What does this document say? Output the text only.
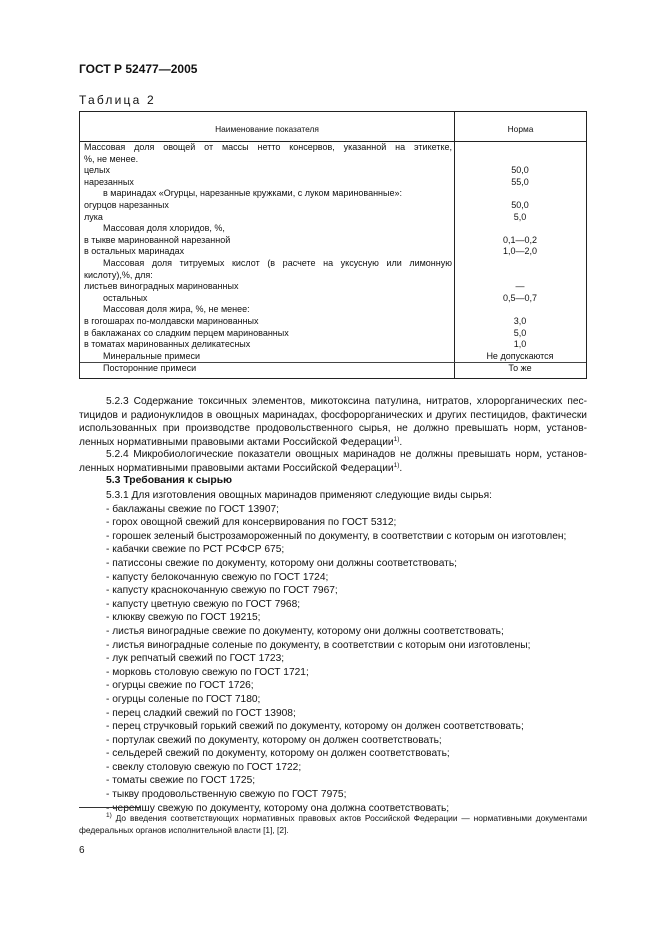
ГОСТ Р 52477—2005
Таблица 2
Наименование показателя	Норма
Массовая доля овощей от массы нетто консервов, указанной на этикетке,
%, не менее.
целых	50,0
нарезанных	55,0
в маринадах «Огурцы, нарезанные кружками, с луком маринованные»:
огурцов нарезанных	50,0
лука	5,0
Массовая доля хлоридов, %,
в тыкве маринованной нарезанной	0,1—0,2
в остальных маринадах	1,0—2,0
Массовая доля титруемых кислот (в расчете на уксусную или лимонную
кислоту),%, для:
листьев виноградных маринованных	—
остальных	0,5—0,7
Массовая доля жира, %, не менее:
в гогошарах по-молдавски маринованных	3,0
в баклажанах со сладким перцем маринованных	5,0
в томатах маринованных деликатесных	1,0
Минеральные примеси	Не допускаются
Посторонние примеси	То же

5.2.3 Содержание токсичных элементов, микотоксина патулина, нитратов, хлорорганических пес-

тицидов и радионуклидов в овощных маринадах, фосфорорганических и других пестицидов, фактически

использованных при производстве продовольственного сырья, не должно превышать норм, установ-

ленных нормативными правовыми актами Российской Федерации$^{1)}$.

5.2.4 Микробиологические показатели овощных маринадов не должны превышать норм, установ-

ленных нормативными правовыми актами Российской Федерации$^{1)}$.

5.3 Требования к сырью
5.3.1 Для изготовления овощных маринадов применяют следующие виды сырья:
- баклажаны свежие по ГОСТ 13907;
- горох овощной свежий для консервирования по ГОСТ 5312;
- горошек зеленый быстрозамороженный по документу, в соответствии с которым он изготовлен;
- кабачки свежие по РСТ РСФСР 675;
- патиссоны свежие по документу, которому они должны соответствовать;
- капусту белокочанную свежую по ГОСТ 1724;
- капусту краснокочанную свежую по ГОСТ 7967;
- капусту цветную свежую по ГОСТ 7968;
- клюкву свежую по ГОСТ 19215;
- листья виноградные свежие по документу, которому они должны соответствовать;
- листья виноградные соленые по документу, в соответствии с которым они изготовлены;
- лук репчатый свежий по ГОСТ 1723;
- морковь столовую свежую по ГОСТ 1721;
- огурцы свежие по ГОСТ 1726;
- огурцы соленые по ГОСТ 7180;
- перец сладкий свежий по ГОСТ 13908;
- перец стручковый горький свежий по документу, которому он должен соответствовать;
- портулак свежий по документу, которому он должен соответствовать;
- сельдерей свежий по документу, которому он должен соответствовать;
- свеклу столовую свежую по ГОСТ 1722;
- томаты свежие по ГОСТ 1725;
- тыкву продовольственную свежую по ГОСТ 7975;
- черемшу свежую по документу, которому она должна соответствовать;

$^{1)}$ До введения соответствующих нормативных правовых актов Российской Федерации — нормативными документами федеральных органов исполнительной власти [1], [2].

6
